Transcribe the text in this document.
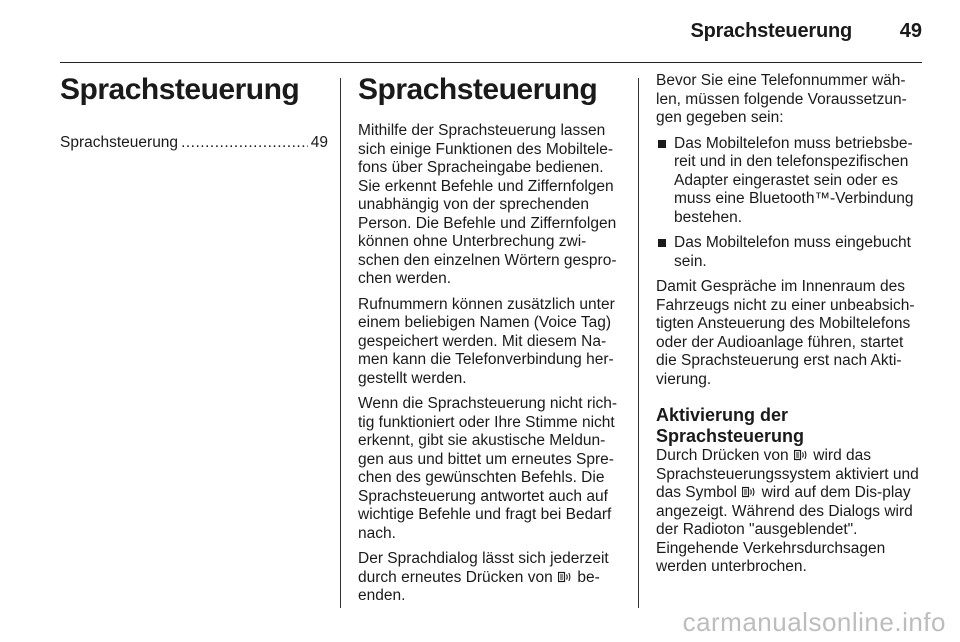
Sprachsteuerung 49
Sprachsteuerung
Sprachsteuerung
.....	49
Sprachsteuerung

Mithilfe der Sprachsteuerung lassen sich einige Funktionen des Mobiltele-fons über Spracheingabe bedienen. Sie erkennt Befehle und Ziffernfolgen unabhängig von der sprechenden Person. Die Befehle und Ziffernfolgen können ohne Unterbrechung zwi-schen den einzelnen Wörtern gespro-chen werden.

Rufnummern können zusätzlich unter einem beliebigen Namen (Voice Tag) gespeichert werden. Mit diesem Na-men kann die Telefonverbindung her-gestellt werden.

Wenn die Sprachsteuerung nicht rich-tig funktioniert oder Ihre Stimme nicht erkennt, gibt sie akustische Meldun-gen aus und bittet um erneutes Spre-chen des gewünschten Befehls. Die Sprachsteuerung antwortet auch auf wichtige Befehle und fragt bei Bedarf nach.

Der Sprachdialog lässt sich jederzeit durch erneutes Drücken von be-enden.

Bevor Sie eine Telefonnummer wäh-len, müssen folgende Voraussetzun-gen gegeben sein:

Das Mobiltelefon muss betriebsbe-reit und in den telefonspezifischen Adapter eingerastet sein oder es muss eine Bluetooth™-Verbindung bestehen.
Das Mobiltelefon muss eingebucht sein.

Damit Gespräche im Innenraum des Fahrzeugs nicht zu einer unbeabsich-tigten Ansteuerung des Mobiltelefons oder der Audioanlage führen, startet die Sprachsteuerung erst nach Akti-vierung.

Aktivierung der Sprachsteuerung

Durch Drücken von wird das Sprachsteuerungssystem aktiviert und das Symbol wird auf dem Dis-play angezeigt. Während des Dialogs wird der Radioton "ausgeblendet". Eingehende Verkehrsdurchsagen werden unterbrochen.

carmanualsonline.info
